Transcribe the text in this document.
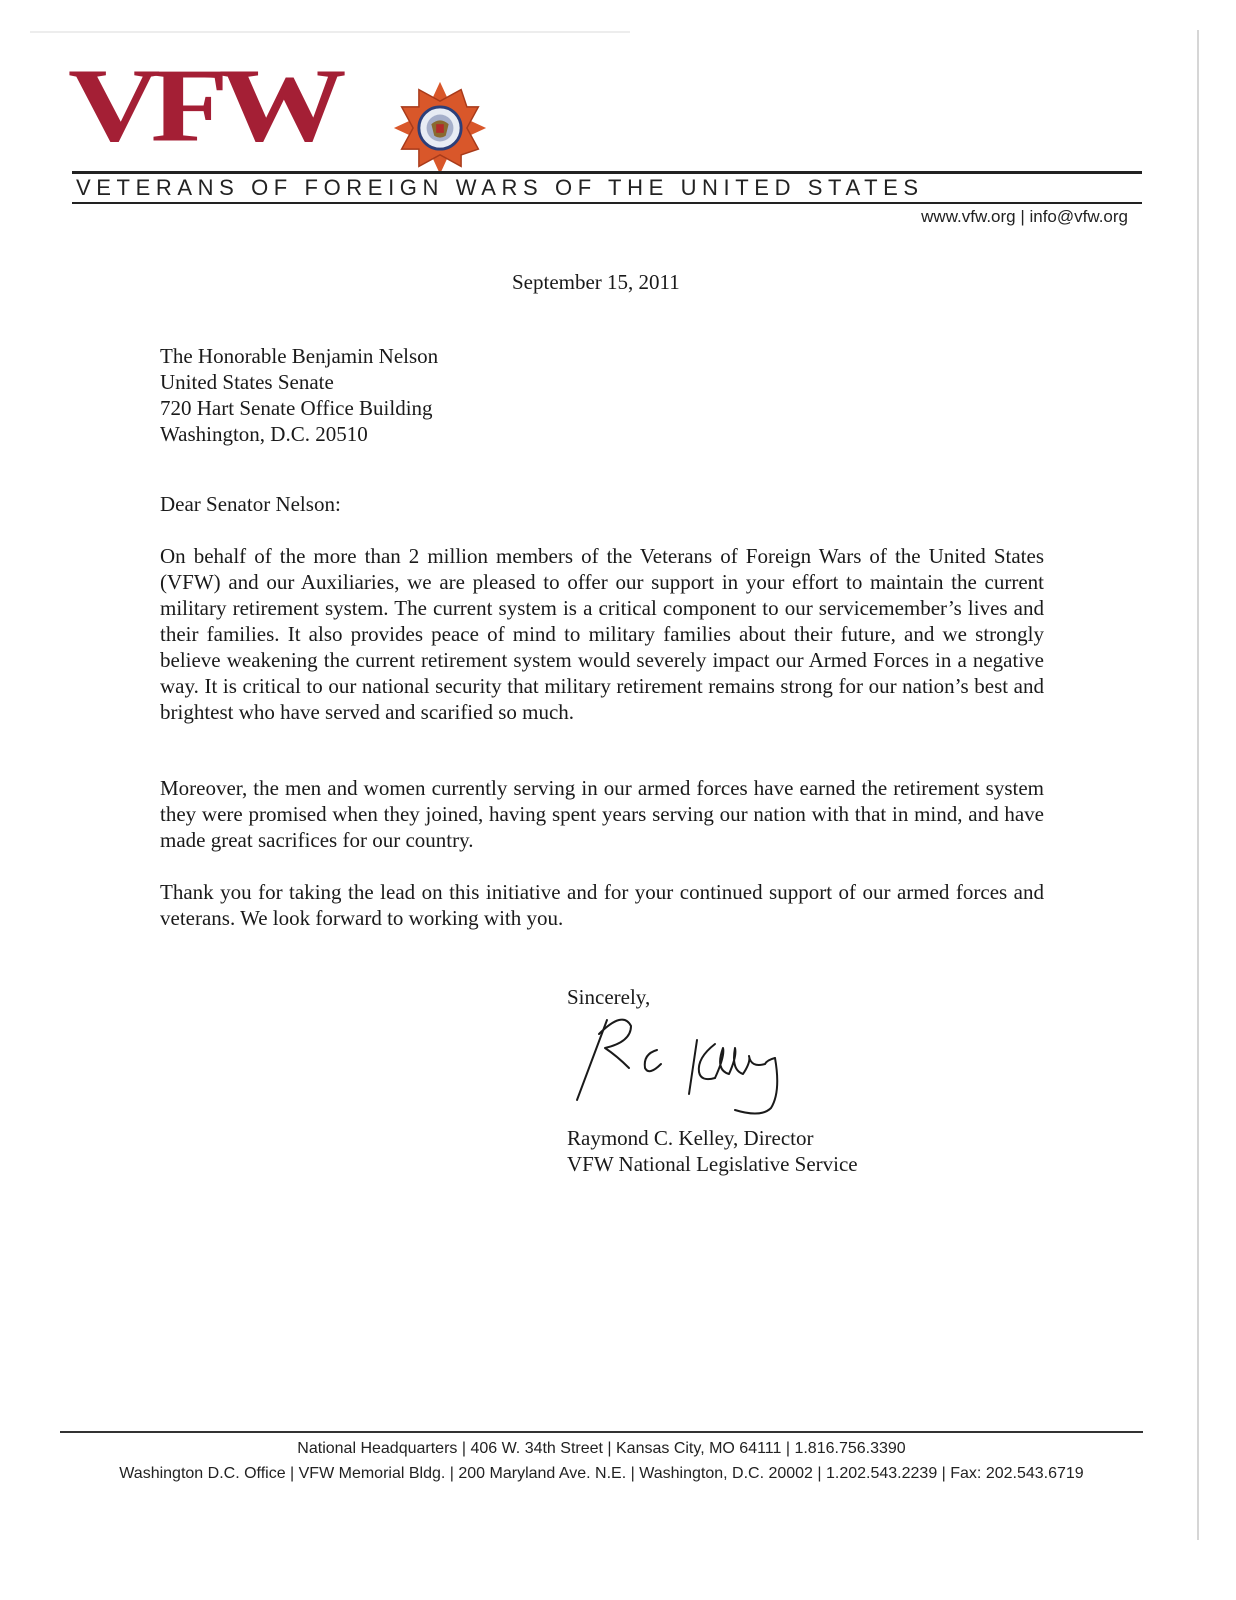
VFW
VETERANS OF FOREIGN WARS OF THE UNITED STATES
www.vfw.org | info@vfw.org
September 15, 2011
The Honorable Benjamin Nelson
United States Senate
720 Hart Senate Office Building
Washington, D.C. 20510
Dear Senator Nelson:
On behalf of the more than 2 million members of the Veterans of Foreign Wars of the United States (VFW) and our Auxiliaries, we are pleased to offer our support in your effort to maintain the current military retirement system. The current system is a critical component to our servicemember’s lives and their families. It also provides peace of mind to military families about their future, and we strongly believe weakening the current retirement system would severely impact our Armed Forces in a negative way. It is critical to our national security that military retirement remains strong for our nation’s best and brightest who have served and scarified so much.
Moreover, the men and women currently serving in our armed forces have earned the retirement system they were promised when they joined, having spent years serving our nation with that in mind, and have made great sacrifices for our country.
Thank you for taking the lead on this initiative and for your continued support of our armed forces and veterans. We look forward to working with you.
Sincerely,
Raymond C. Kelley, Director
VFW National Legislative Service
National Headquarters | 406 W. 34th Street | Kansas City, MO 64111 | 1.816.756.3390
Washington D.C. Office | VFW Memorial Bldg. | 200 Maryland Ave. N.E. | Washington, D.C. 20002 | 1.202.543.2239 | Fax: 202.543.6719
